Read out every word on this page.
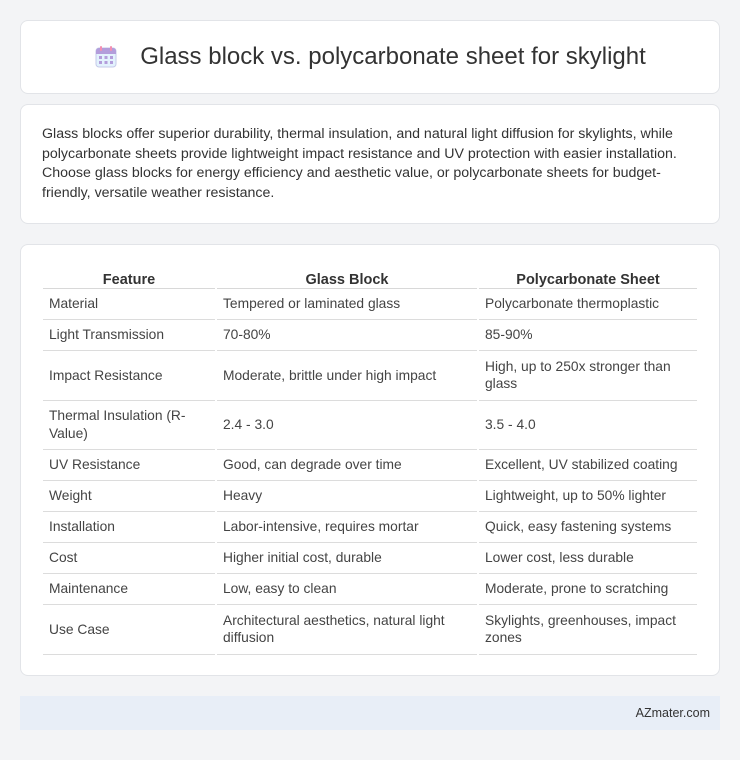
Glass block vs. polycarbonate sheet for skylight

Glass blocks offer superior durability, thermal insulation, and natural light diffusion for skylights, while polycarbonate sheets provide lightweight impact resistance and UV protection with easier installation. Choose glass blocks for energy efficiency and aesthetic value, or polycarbonate sheets for budget-friendly, versatile weather resistance.

Feature	Glass Block	Polycarbonate Sheet
Material	Tempered or laminated glass	Polycarbonate thermoplastic
Light Transmission	70-80%	85-90%
Impact Resistance	Moderate, brittle under high impact	High, up to 250x stronger than glass
Thermal Insulation (R-Value)	2.4 - 3.0	3.5 - 4.0
UV Resistance	Good, can degrade over time	Excellent, UV stabilized coating
Weight	Heavy	Lightweight, up to 50% lighter
Installation	Labor-intensive, requires mortar	Quick, easy fastening systems
Cost	Higher initial cost, durable	Lower cost, less durable
Maintenance	Low, easy to clean	Moderate, prone to scratching
Use Case	Architectural aesthetics, natural light diffusion	Skylights, greenhouses, impact zones
AZmater.com
